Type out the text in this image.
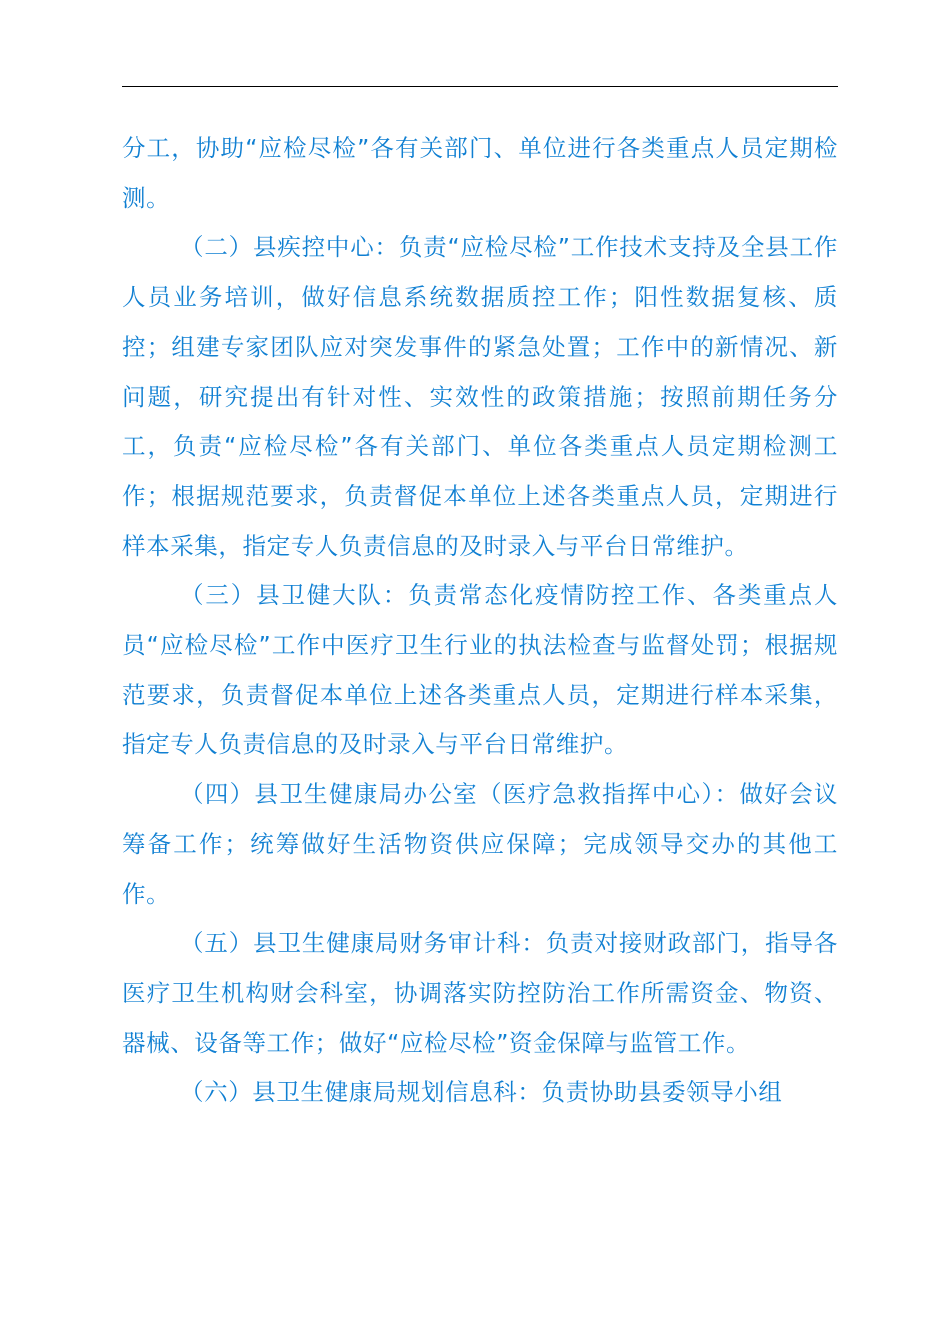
分工，协助“应检尽检”各有关部门、单位进行各类重点人员定期检测。

（二）县疾控中心：负责“应检尽检”工作技术支持及全县工作人员业务培训，做好信息系统数据质控工作；阳性数据复核、质控；组建专家团队应对突发事件的紧急处置；工作中的新情况、新问题，研究提出有针对性、实效性的政策措施；按照前期任务分工，负责“应检尽检”各有关部门、单位各类重点人员定期检测工作；根据规范要求，负责督促本单位上述各类重点人员，定期进行样本采集，指定专人负责信息的及时录入与平台日常维护。

（三）县卫健大队：负责常态化疫情防控工作、各类重点人员“应检尽检”工作中医疗卫生行业的执法检查与监督处罚；根据规范要求，负责督促本单位上述各类重点人员，定期进行样本采集，指定专人负责信息的及时录入与平台日常维护。

（四）县卫生健康局办公室（医疗急救指挥中心）：做好会议筹备工作；统筹做好生活物资供应保障；完成领导交办的其他工作。

（五）县卫生健康局财务审计科：负责对接财政部门，指导各医疗卫生机构财会科室，协调落实防控防治工作所需资金、物资、器械、设备等工作；做好“应检尽检”资金保障与监管工作。

（六）县卫生健康局规划信息科：负责协助县委领导小组
